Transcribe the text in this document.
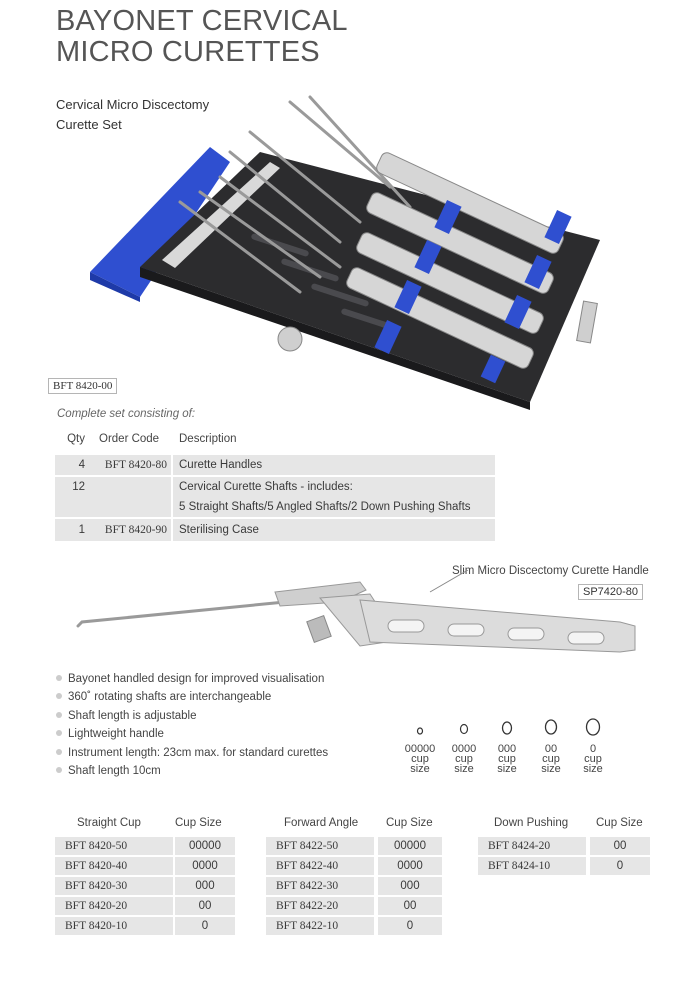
BAYONET CERVICAL
MICRO CURETTES
Cervical Micro Discectomy
Curette Set
BFT 8420-00
Complete set consisting of:
Qty Order Code Description
4	BFT 8420-80 Curette Handles
12	Cervical Curette Shafts - includes:
5 Straight Shafts/5 Angled Shafts/2 Down Pushing Shafts
1	BFT 8420-90 Sterilising Case
Slim Micro Discectomy Curette Handle
SP7420-80
Bayonet handled design for improved visualisation
360˚ rotating shafts are interchangeable
Shaft length is adjustable
Lightweight handle
Instrument length: 23cm max. for standard curettes
Shaft length 10cm
00000
cup
size
0000
cup
size
000
cup
size
00
cup
size
0
cup
size
Straight Cup	Cup Size
BFT 8420-50	00000
BFT 8420-40	0000
BFT 8420-30	000
BFT 8420-20	00
BFT 8420-10	0
Forward Angle Cup Size
BFT 8422-50	00000
BFT 8422-40	0000
BFT 8422-30	000
BFT 8422-20	00
BFT 8422-10	0
Down Pushing Cup Size
BFT 8424-20	00
BFT 8424-10	0
